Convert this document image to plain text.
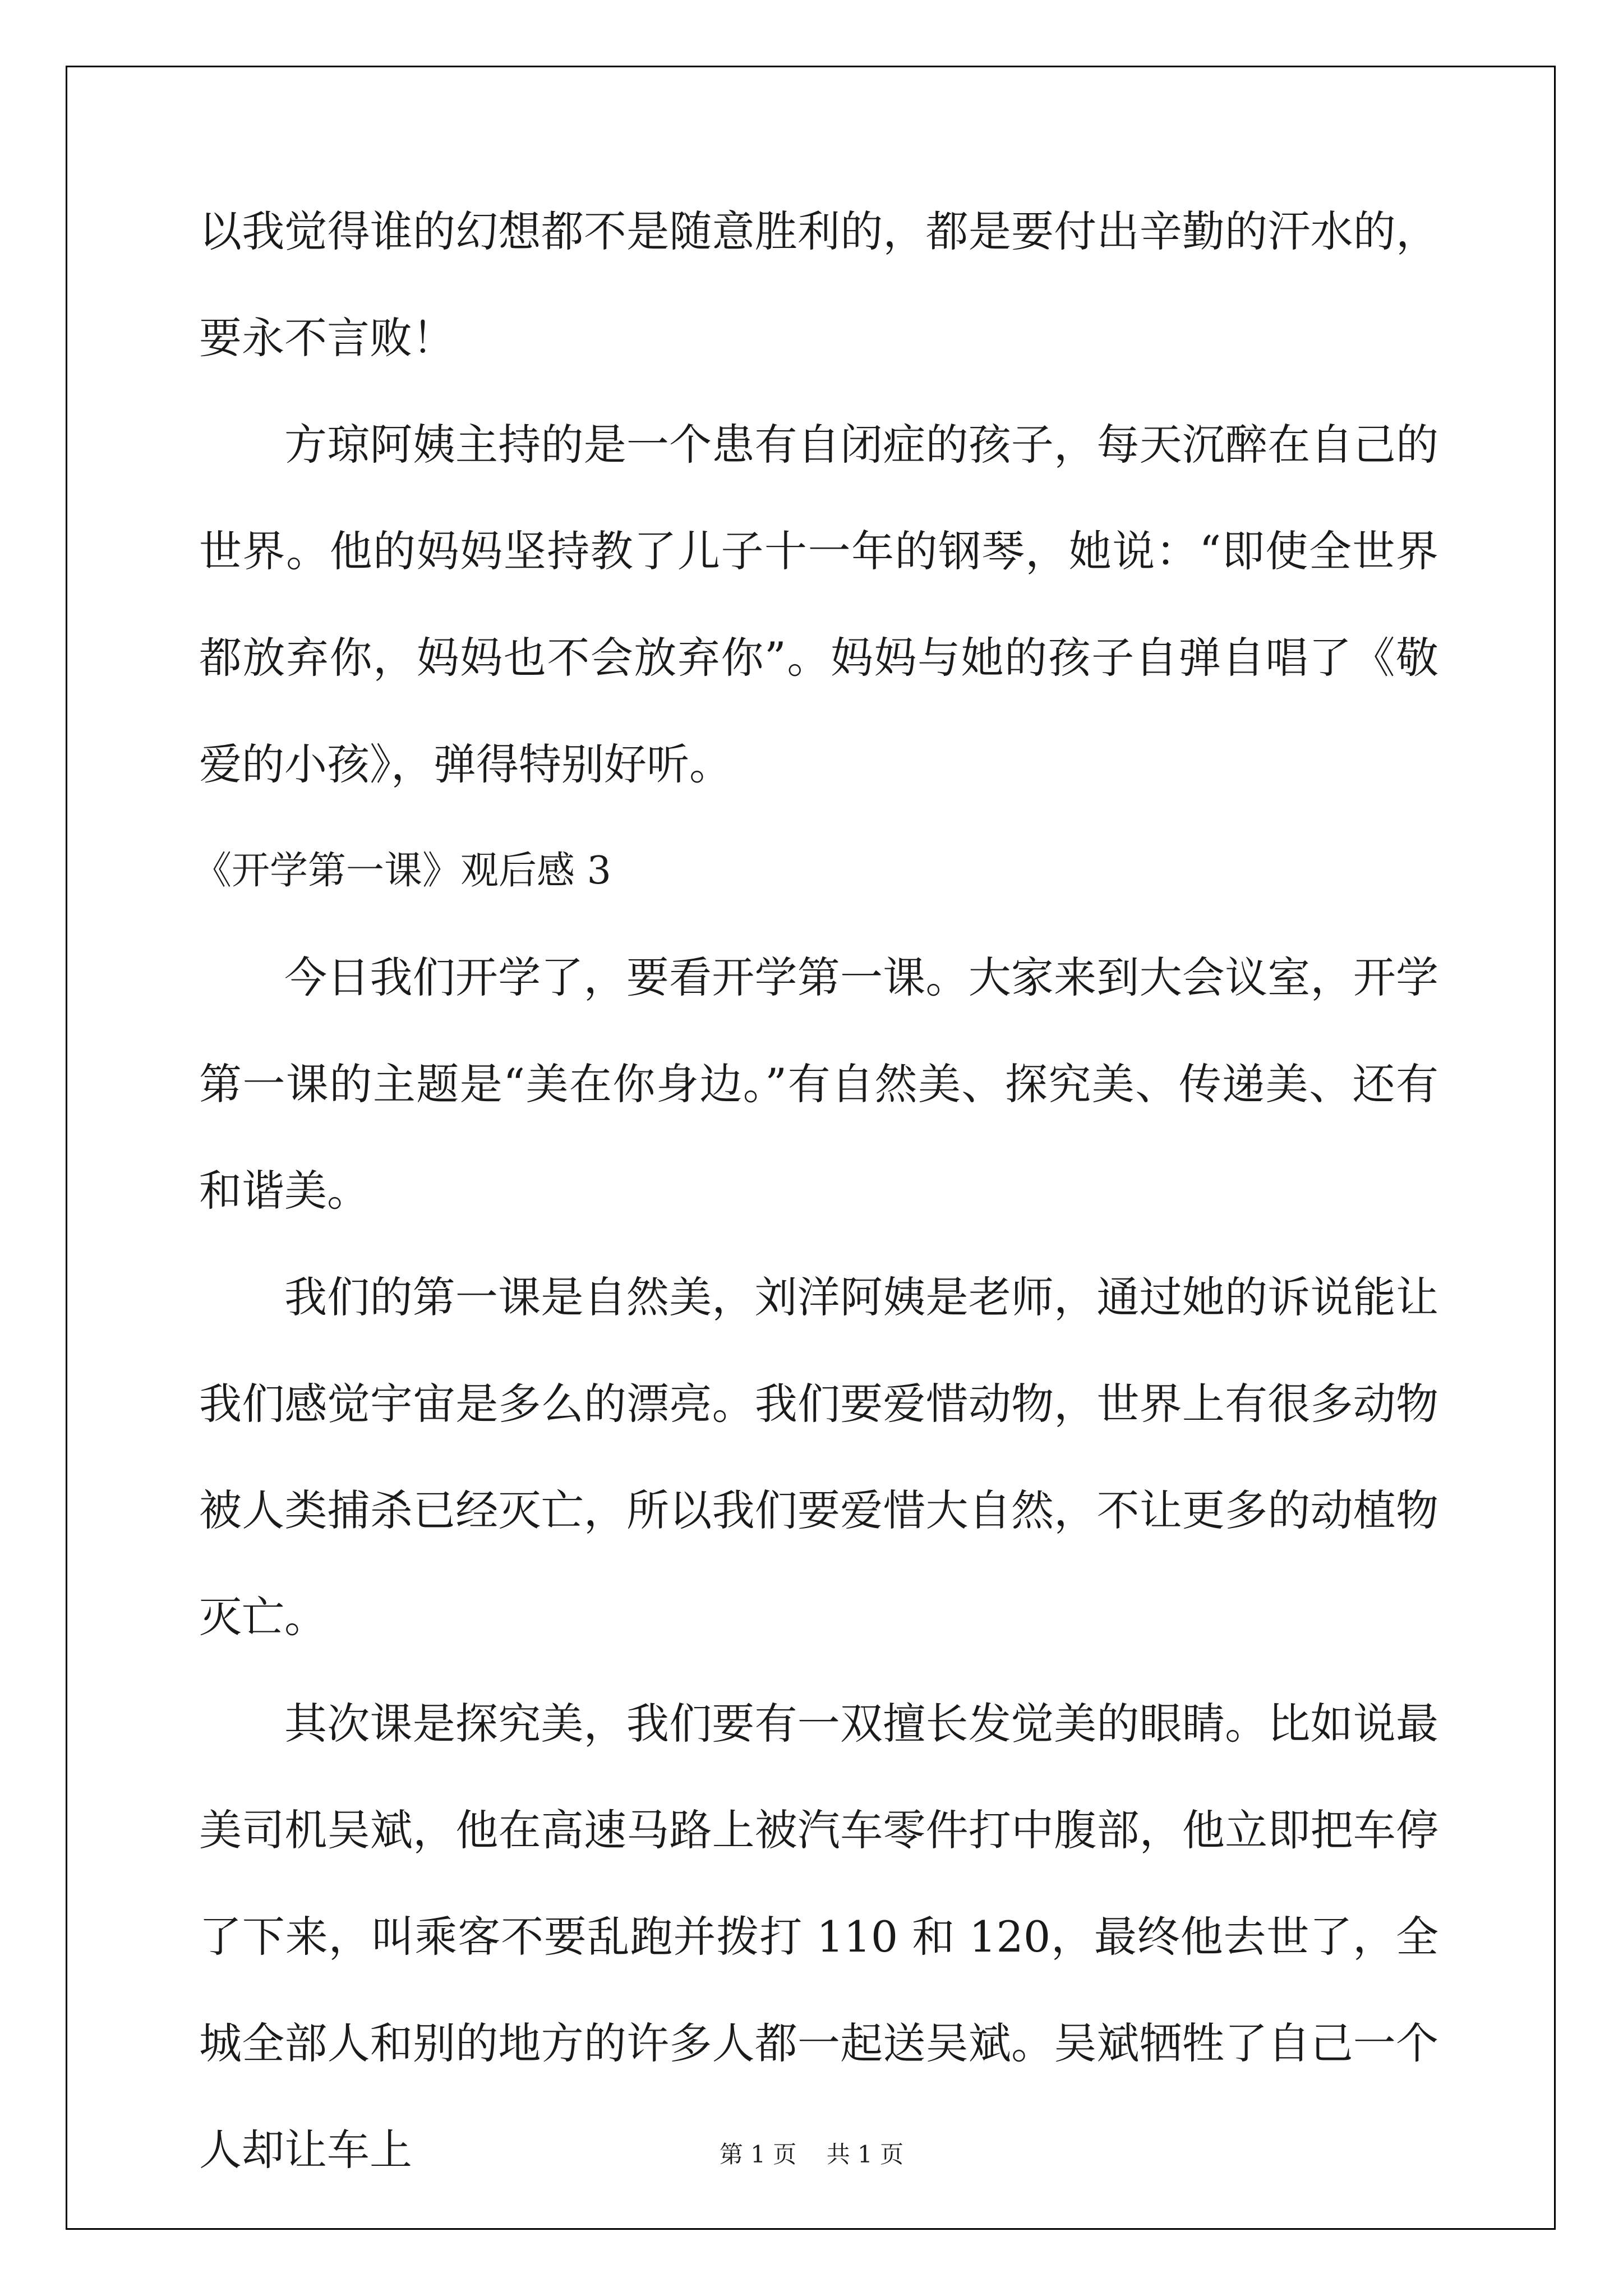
以我觉得谁的幻想都不是随意胜利的，都是要付出辛勤的汗水的，要永不言败！

方琼阿姨主持的是一个患有自闭症的孩子，每天沉醉在自己的世界。他的妈妈坚持教了儿子十一年的钢琴，她说：“即使全世界都放弃你，妈妈也不会放弃你”。妈妈与她的孩子自弹自唱了《敬爱的小孩》，弹得特别好听。

《开学第一课》观后感 3

今日我们开学了，要看开学第一课。大家来到大会议室，开学第一课的主题是“美在你身边。”有自然美、探究美、传递美、还有和谐美。

我们的第一课是自然美，刘洋阿姨是老师，通过她的诉说能让我们感觉宇宙是多么的漂亮。我们要爱惜动物，世界上有很多动物被人类捕杀已经灭亡，所以我们要爱惜大自然，不让更多的动植物灭亡。

其次课是探究美，我们要有一双擅长发觉美的眼睛。比如说最美司机吴斌，他在高速马路上被汽车零件打中腹部，他立即把车停了下来，叫乘客不要乱跑并拨打 110 和 120，最终他去世了，全城全部人和别的地方的许多人都一起送吴斌。吴斌牺牲了自己一个人却让车上	第 1 页    共 1 页
